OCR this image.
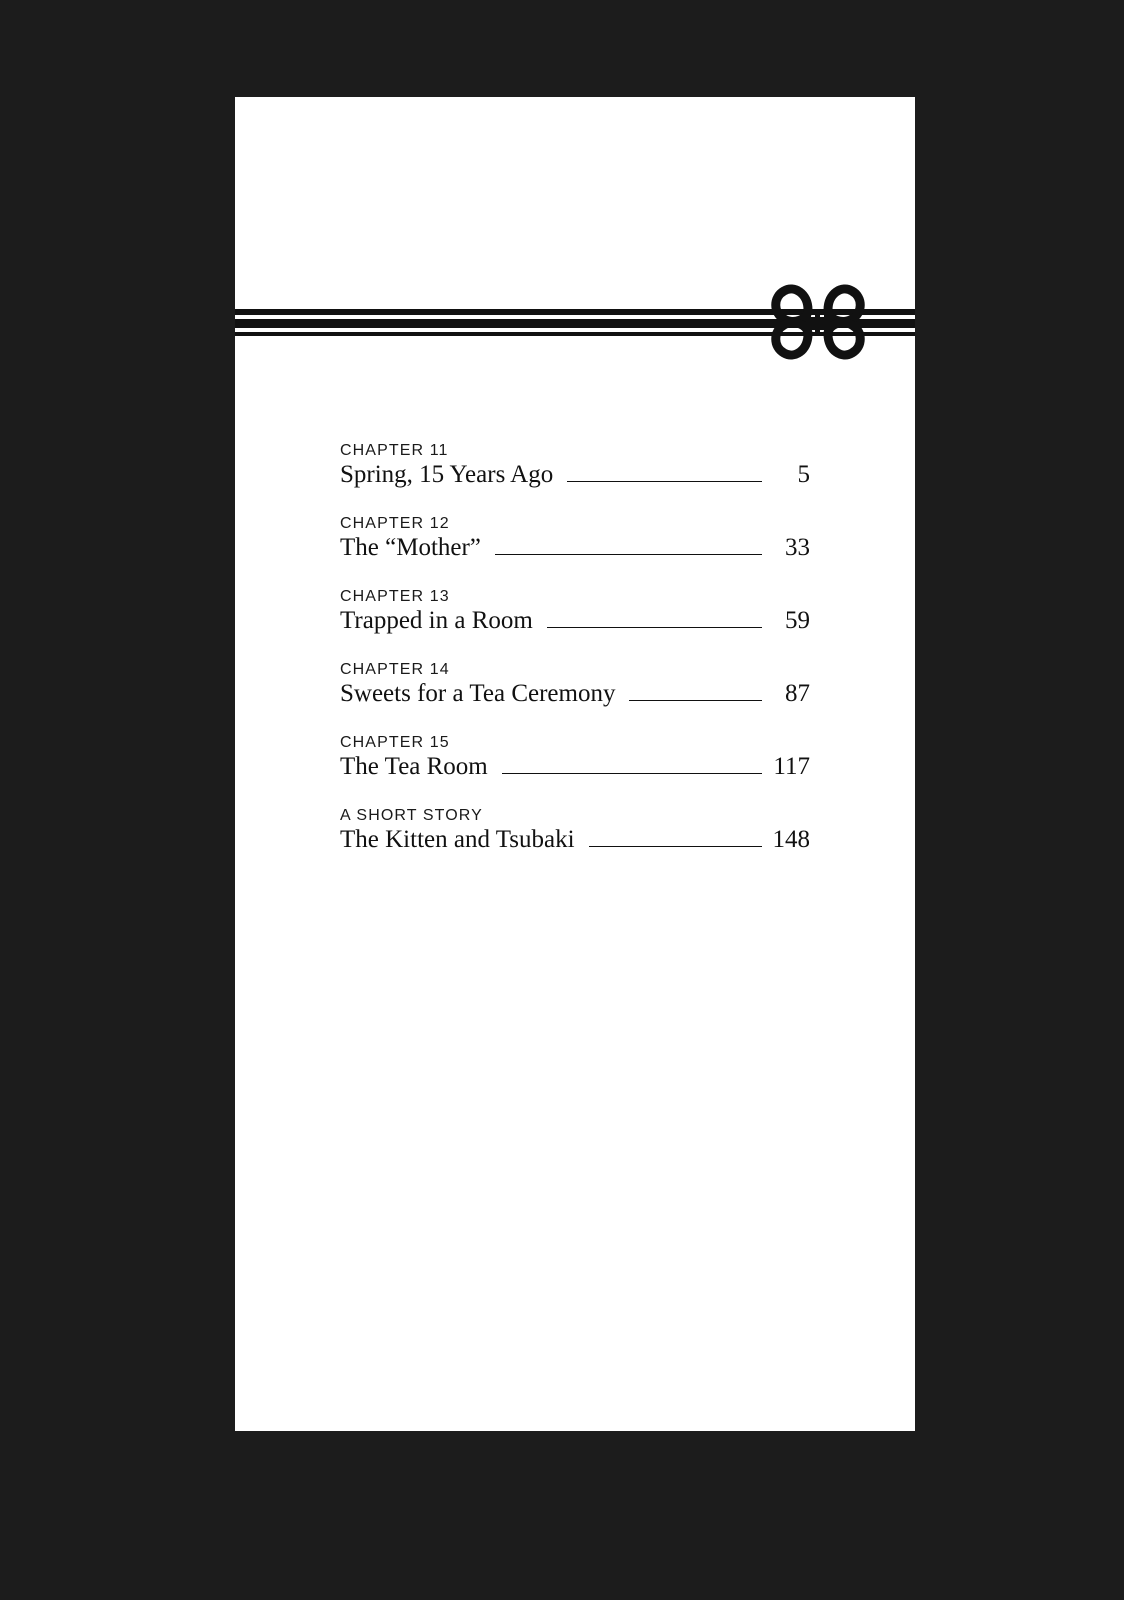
CHAPTER 11
Spring, 15 Years Ago	5
CHAPTER 12
The “Mother”	33
CHAPTER 13
Trapped in a Room	59
CHAPTER 14
Sweets for a Tea Ceremony	87
CHAPTER 15
The Tea Room	117
A SHORT STORY
The Kitten and Tsubaki	148
